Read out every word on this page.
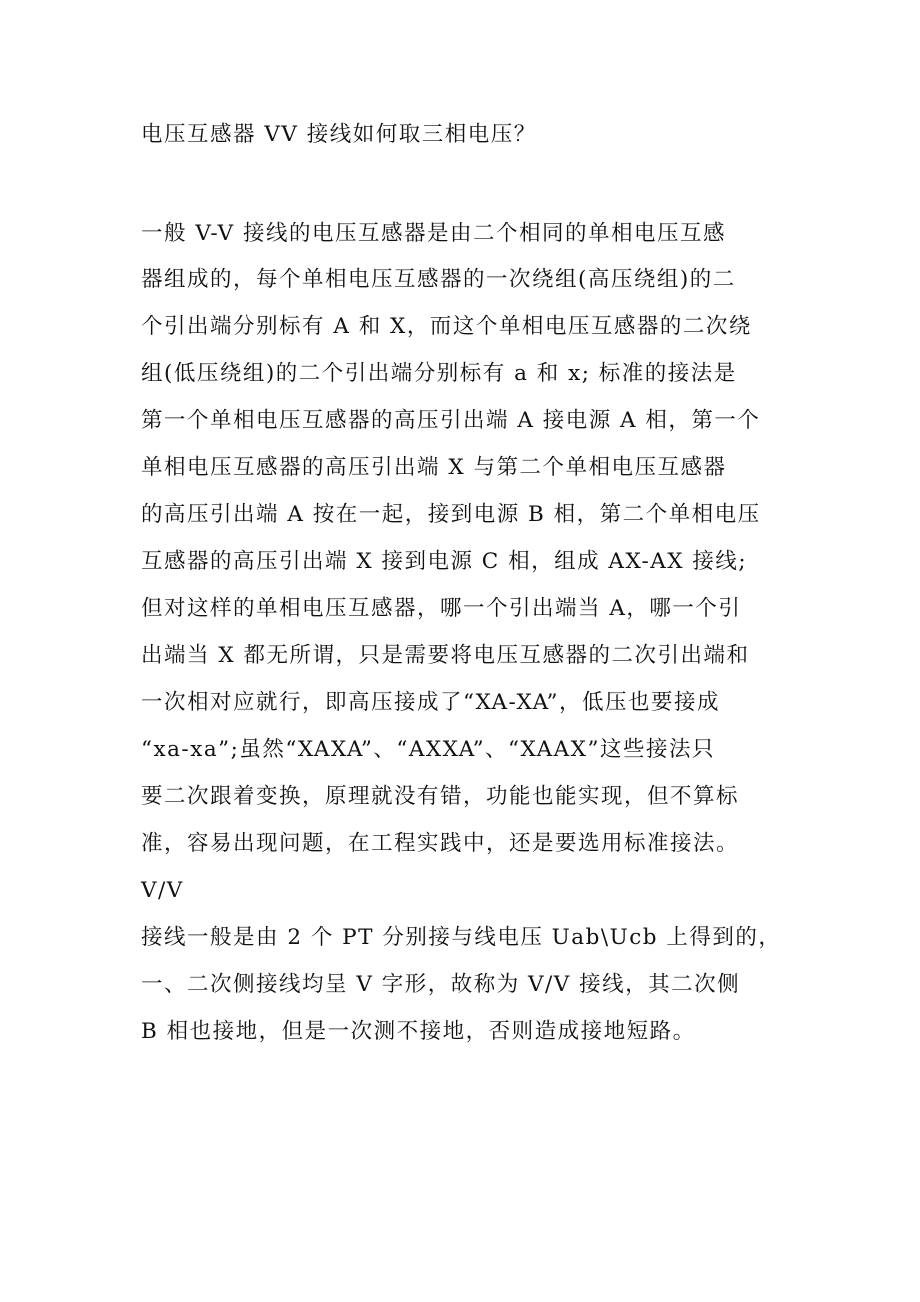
电压互感器 VV 接线如何取三相电压？
一般 V-V 接线的电压互感器是由二个相同的单相电压互感
器组成的，每个单相电压互感器的一次绕组(高压绕组)的二
个引出端分别标有 A 和 X，而这个单相电压互感器的二次绕
组(低压绕组)的二个引出端分别标有 a 和 x; 标准的接法是
第一个单相电压互感器的高压引出端 A 接电源 A 相，第一个
单相电压互感器的高压引出端 X 与第二个单相电压互感器
的高压引出端 A 按在一起，接到电源 B 相，第二个单相电压
互感器的高压引出端 X 接到电源 C 相，组成 AX-AX 接线;
但对这样的单相电压互感器，哪一个引出端当 A，哪一个引
出端当 X 都无所谓，只是需要将电压互感器的二次引出端和
一次相对应就行，即高压接成了“XA-XA”，低压也要接成
“xa-xa”;虽然“XAXA”、“AXXA”、“XAAX”这些接法只
要二次跟着变换，原理就没有错，功能也能实现，但不算标
准，容易出现问题，在工程实践中，还是要选用标准接法。
V/V
接线一般是由 2 个 PT 分别接与线电压 Uab\Ucb 上得到的，
一、二次侧接线均呈 V 字形，故称为 V/V 接线，其二次侧
B 相也接地，但是一次测不接地，否则造成接地短路。
